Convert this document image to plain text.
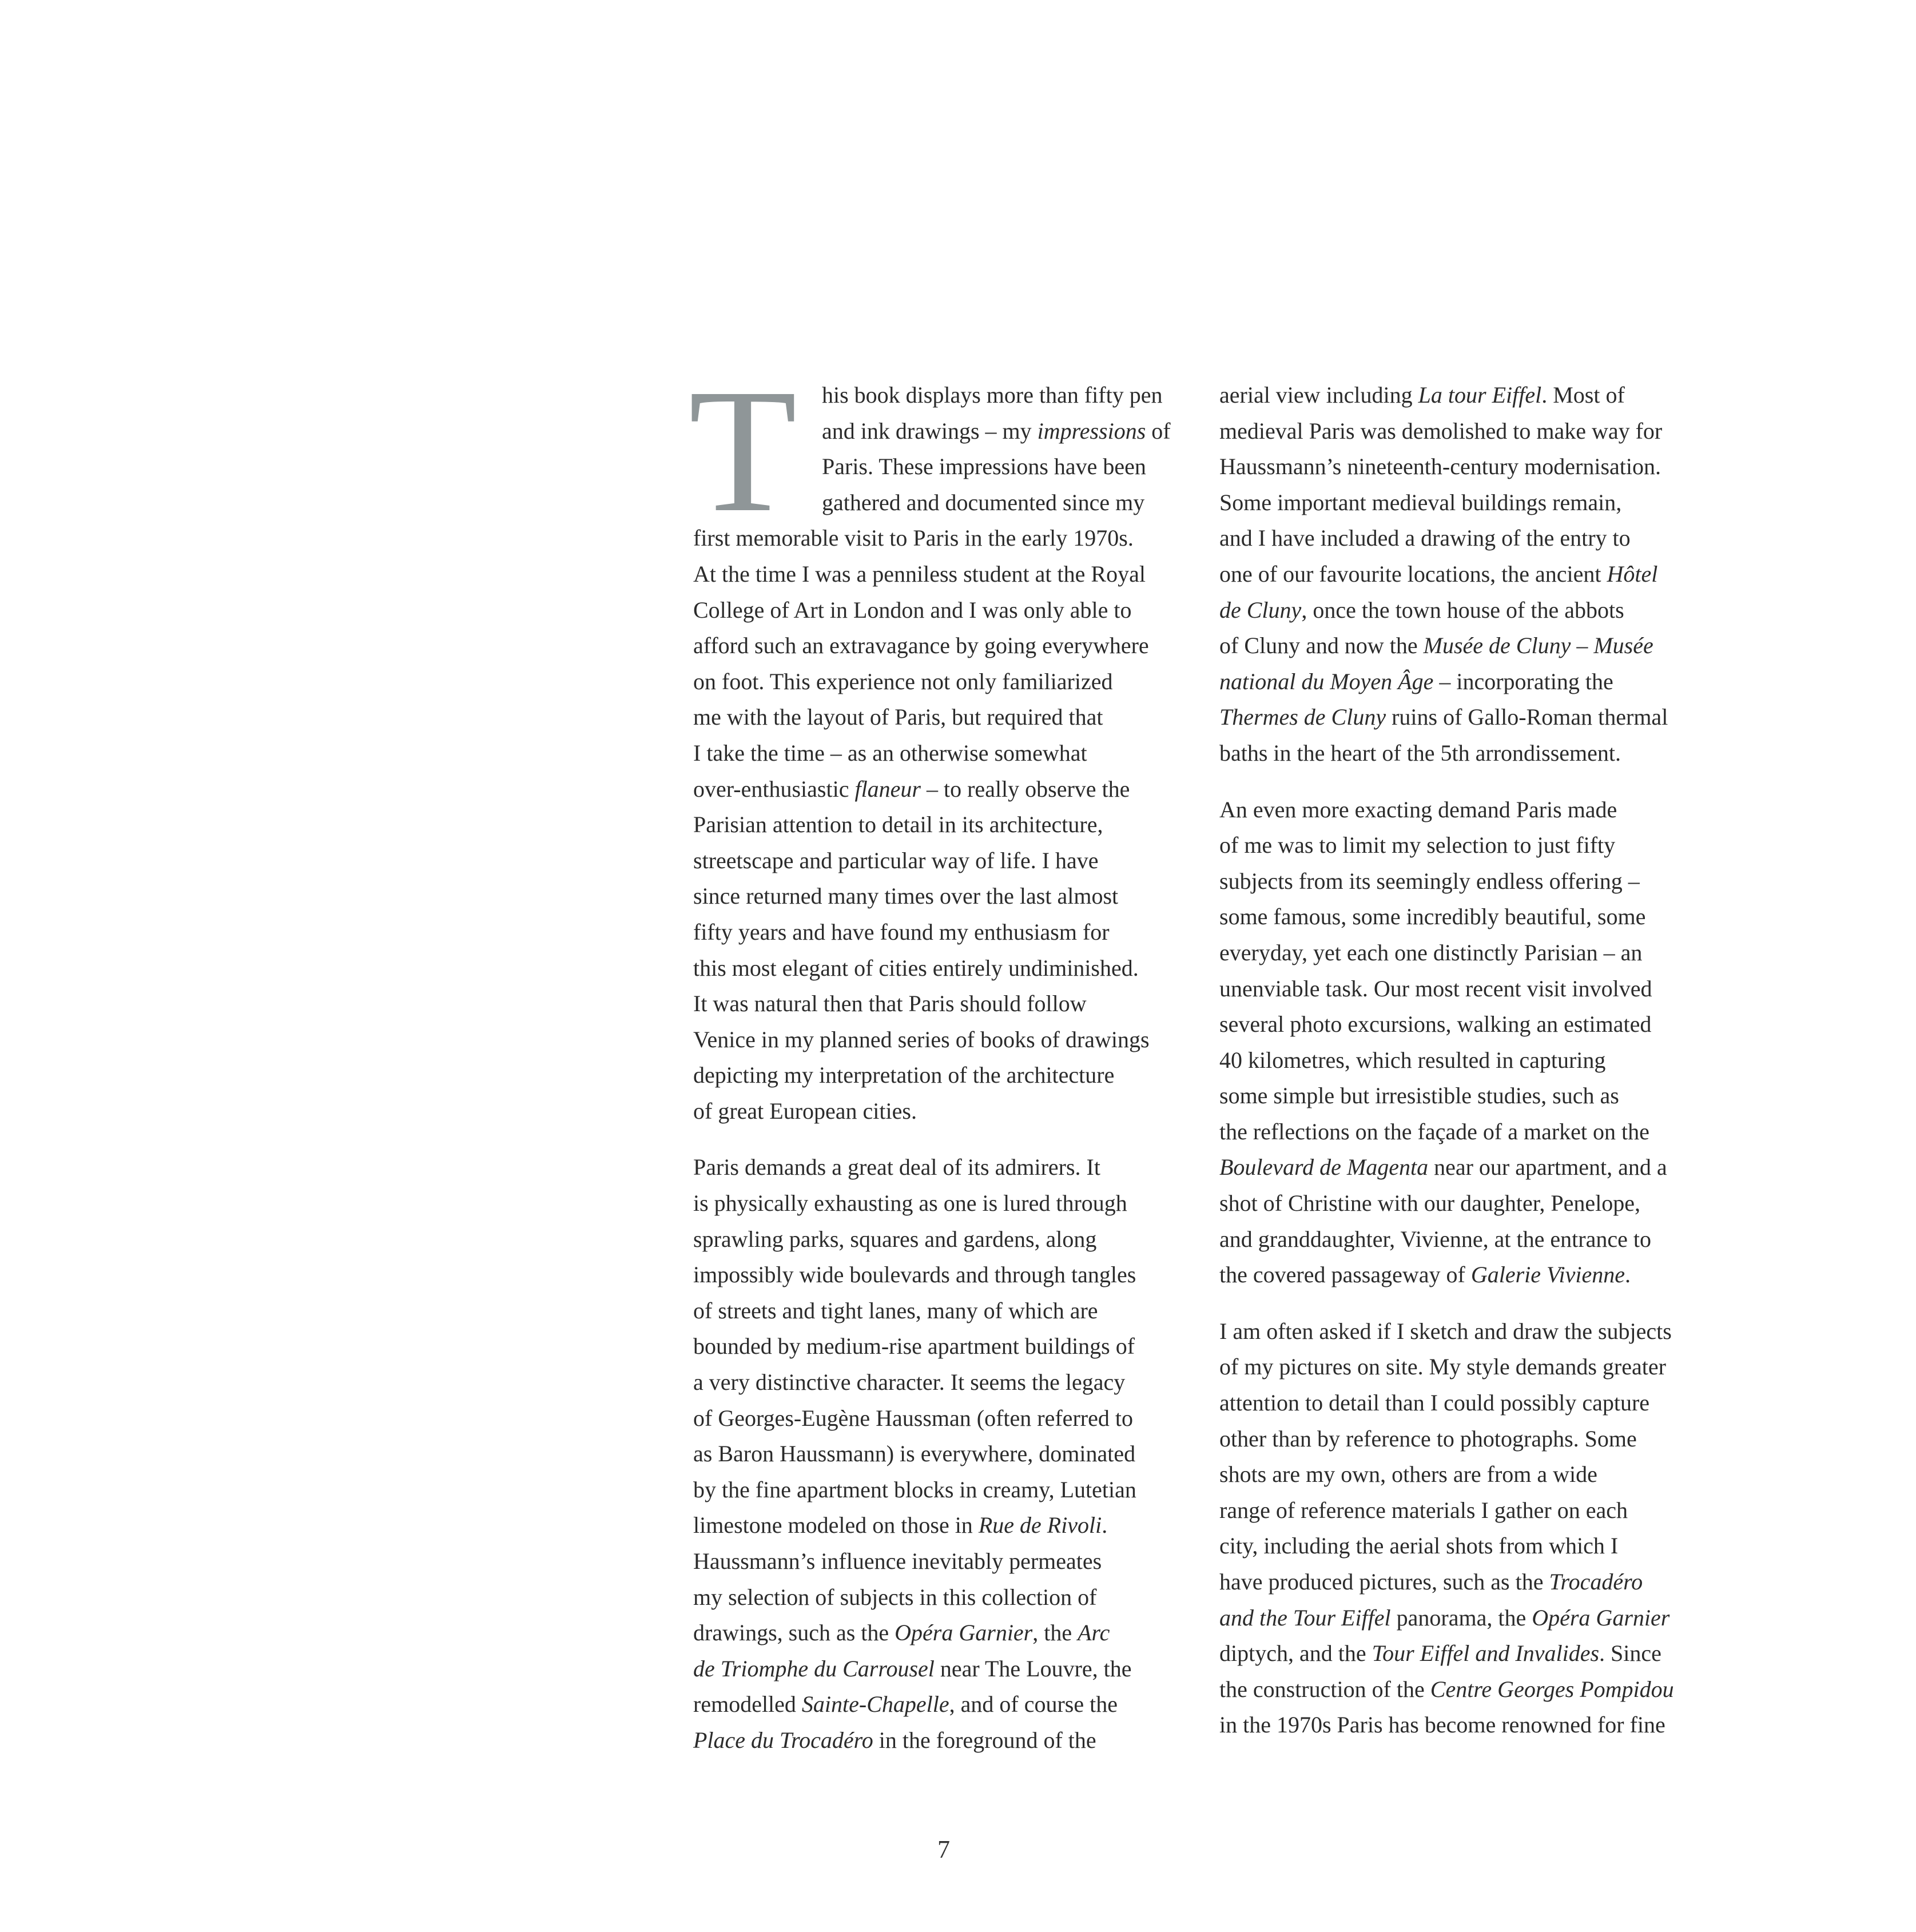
T	his book displays more than fifty pen
and ink drawings – my impressions of
Paris. These impressions have been
gathered and documented since my
first memorable visit to Paris in the early 1970s.
At the time I was a penniless student at the Royal
College of Art in London and I was only able to
afford such an extravagance by going everywhere
on foot. This experience not only familiarized
me with the layout of Paris, but required that
I take the time – as an otherwise somewhat
over-enthusiastic flaneur – to really observe the
Parisian attention to detail in its architecture,
streetscape and particular way of life. I have
since returned many times over the last almost
fifty years and have found my enthusiasm for
this most elegant of cities entirely undiminished.
It was natural then that Paris should follow
Venice in my planned series of books of drawings
depicting my interpretation of the architecture
of great European cities.
Paris demands a great deal of its admirers. It
is physically exhausting as one is lured through
sprawling parks, squares and gardens, along
impossibly wide boulevards and through tangles
of streets and tight lanes, many of which are
bounded by medium-rise apartment buildings of
a very distinctive character. It seems the legacy
of Georges-Eugène Haussman (often referred to
as Baron Haussmann) is everywhere, dominated
by the fine apartment blocks in creamy, Lutetian
limestone modeled on those in Rue de Rivoli.
Haussmann’s influence inevitably permeates
my selection of subjects in this collection of
drawings, such as the Opéra Garnier, the Arc
de Triomphe du Carrousel near The Louvre, the
remodelled Sainte-Chapelle, and of course the
Place du Trocadéro in the foreground of the
aerial view including La tour Eiffel. Most of
medieval Paris was demolished to make way for
Haussmann’s nineteenth-century modernisation.
Some important medieval buildings remain,
and I have included a drawing of the entry to
one of our favourite locations, the ancient Hôtel
de Cluny, once the town house of the abbots
of Cluny and now the Musée de Cluny – Musée
national du Moyen Âge – incorporating the
Thermes de Cluny ruins of Gallo-Roman thermal
baths in the heart of the 5th arrondissement.
An even more exacting demand Paris made
of me was to limit my selection to just fifty
subjects from its seemingly endless offering –
some famous, some incredibly beautiful, some
everyday, yet each one distinctly Parisian – an
unenviable task. Our most recent visit involved
several photo excursions, walking an estimated
40 kilometres, which resulted in capturing
some simple but irresistible studies, such as
the reflections on the façade of a market on the
Boulevard de Magenta near our apartment, and a
shot of Christine with our daughter, Penelope,
and granddaughter, Vivienne, at the entrance to
the covered passageway of Galerie Vivienne.
I am often asked if I sketch and draw the subjects
of my pictures on site. My style demands greater
attention to detail than I could possibly capture
other than by reference to photographs. Some
shots are my own, others are from a wide
range of reference materials I gather on each
city, including the aerial shots from which I
have produced pictures, such as the Trocadéro
and the Tour Eiffel panorama, the Opéra Garnier
diptych, and the Tour Eiffel and Invalides. Since
the construction of the Centre Georges Pompidou
in the 1970s Paris has become renowned for fine
7
